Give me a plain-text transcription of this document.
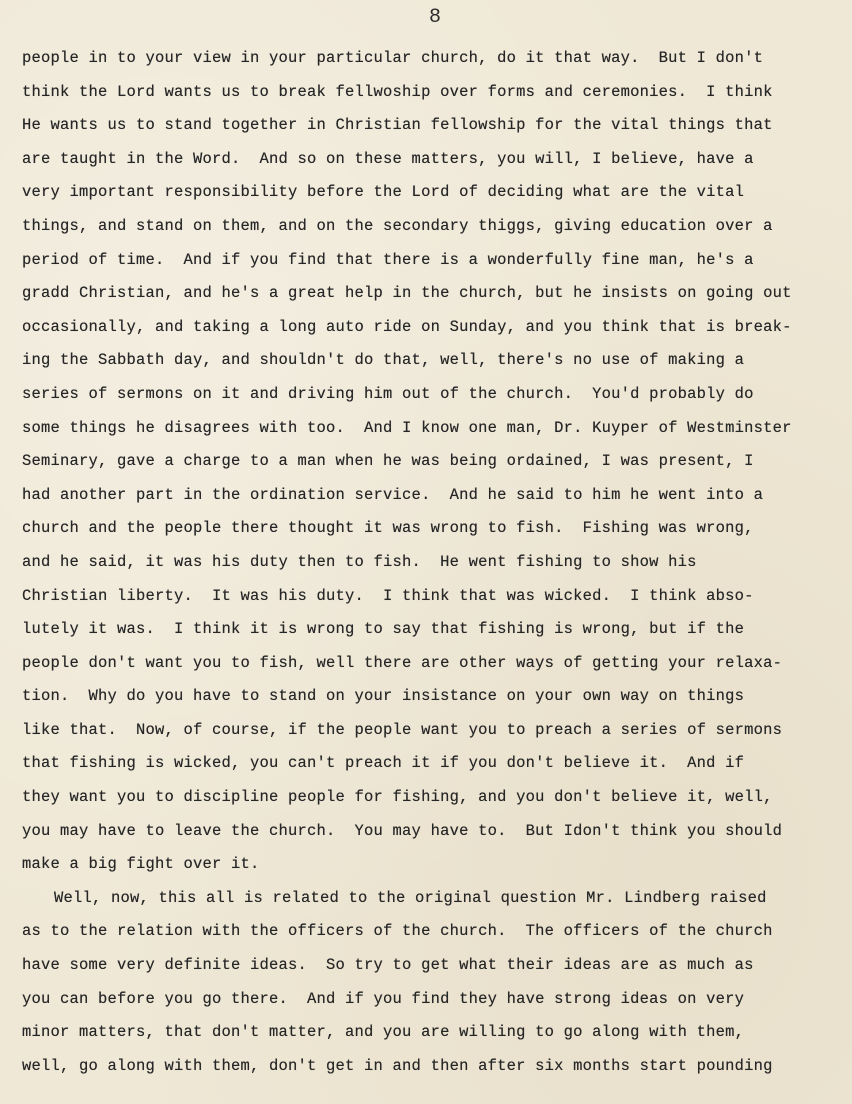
8
people in to your view in your particular church, do it that way.  But I don't
think the Lord wants us to break fellwoship over forms and ceremonies.  I think
He wants us to stand together in Christian fellowship for the vital things that
are taught in the Word.  And so on these matters, you will, I believe, have a
very important responsibility before the Lord of deciding what are the vital
things, and stand on them, and on the secondary thiggs, giving education over a
period of time.  And if you find that there is a wonderfully fine man, he's a
gradd Christian, and he's a great help in the church, but he insists on going out
occasionally, and taking a long auto ride on Sunday, and you think that is break-
ing the Sabbath day, and shouldn't do that, well, there's no use of making a
series of sermons on it and driving him out of the church.  You'd probably do
some things he disagrees with too.  And I know one man, Dr. Kuyper of Westminster
Seminary, gave a charge to a man when he was being ordained, I was present, I
had another part in the ordination service.  And he said to him he went into a
church and the people there thought it was wrong to fish.  Fishing was wrong,
and he said, it was his duty then to fish.  He went fishing to show his
Christian liberty.  It was his duty.  I think that was wicked.  I think abso-
lutely it was.  I think it is wrong to say that fishing is wrong, but if the
people don't want you to fish, well there are other ways of getting your relaxa-
tion.  Why do you have to stand on your insistance on your own way on things
like that.  Now, of course, if the people want you to preach a series of sermons
that fishing is wicked, you can't preach it if you don't believe it.  And if
they want you to discipline people for fishing, and you don't believe it, well,
you may have to leave the church.  You may have to.  But Idon't think you should
make a big fight over it.
Well, now, this all is related to the original question Mr. Lindberg raised
as to the relation with the officers of the church.  The officers of the church
have some very definite ideas.  So try to get what their ideas are as much as
you can before you go there.  And if you find they have strong ideas on very
minor matters, that don't matter, and you are willing to go along with them,
well, go along with them, don't get in and then after six months start pounding
